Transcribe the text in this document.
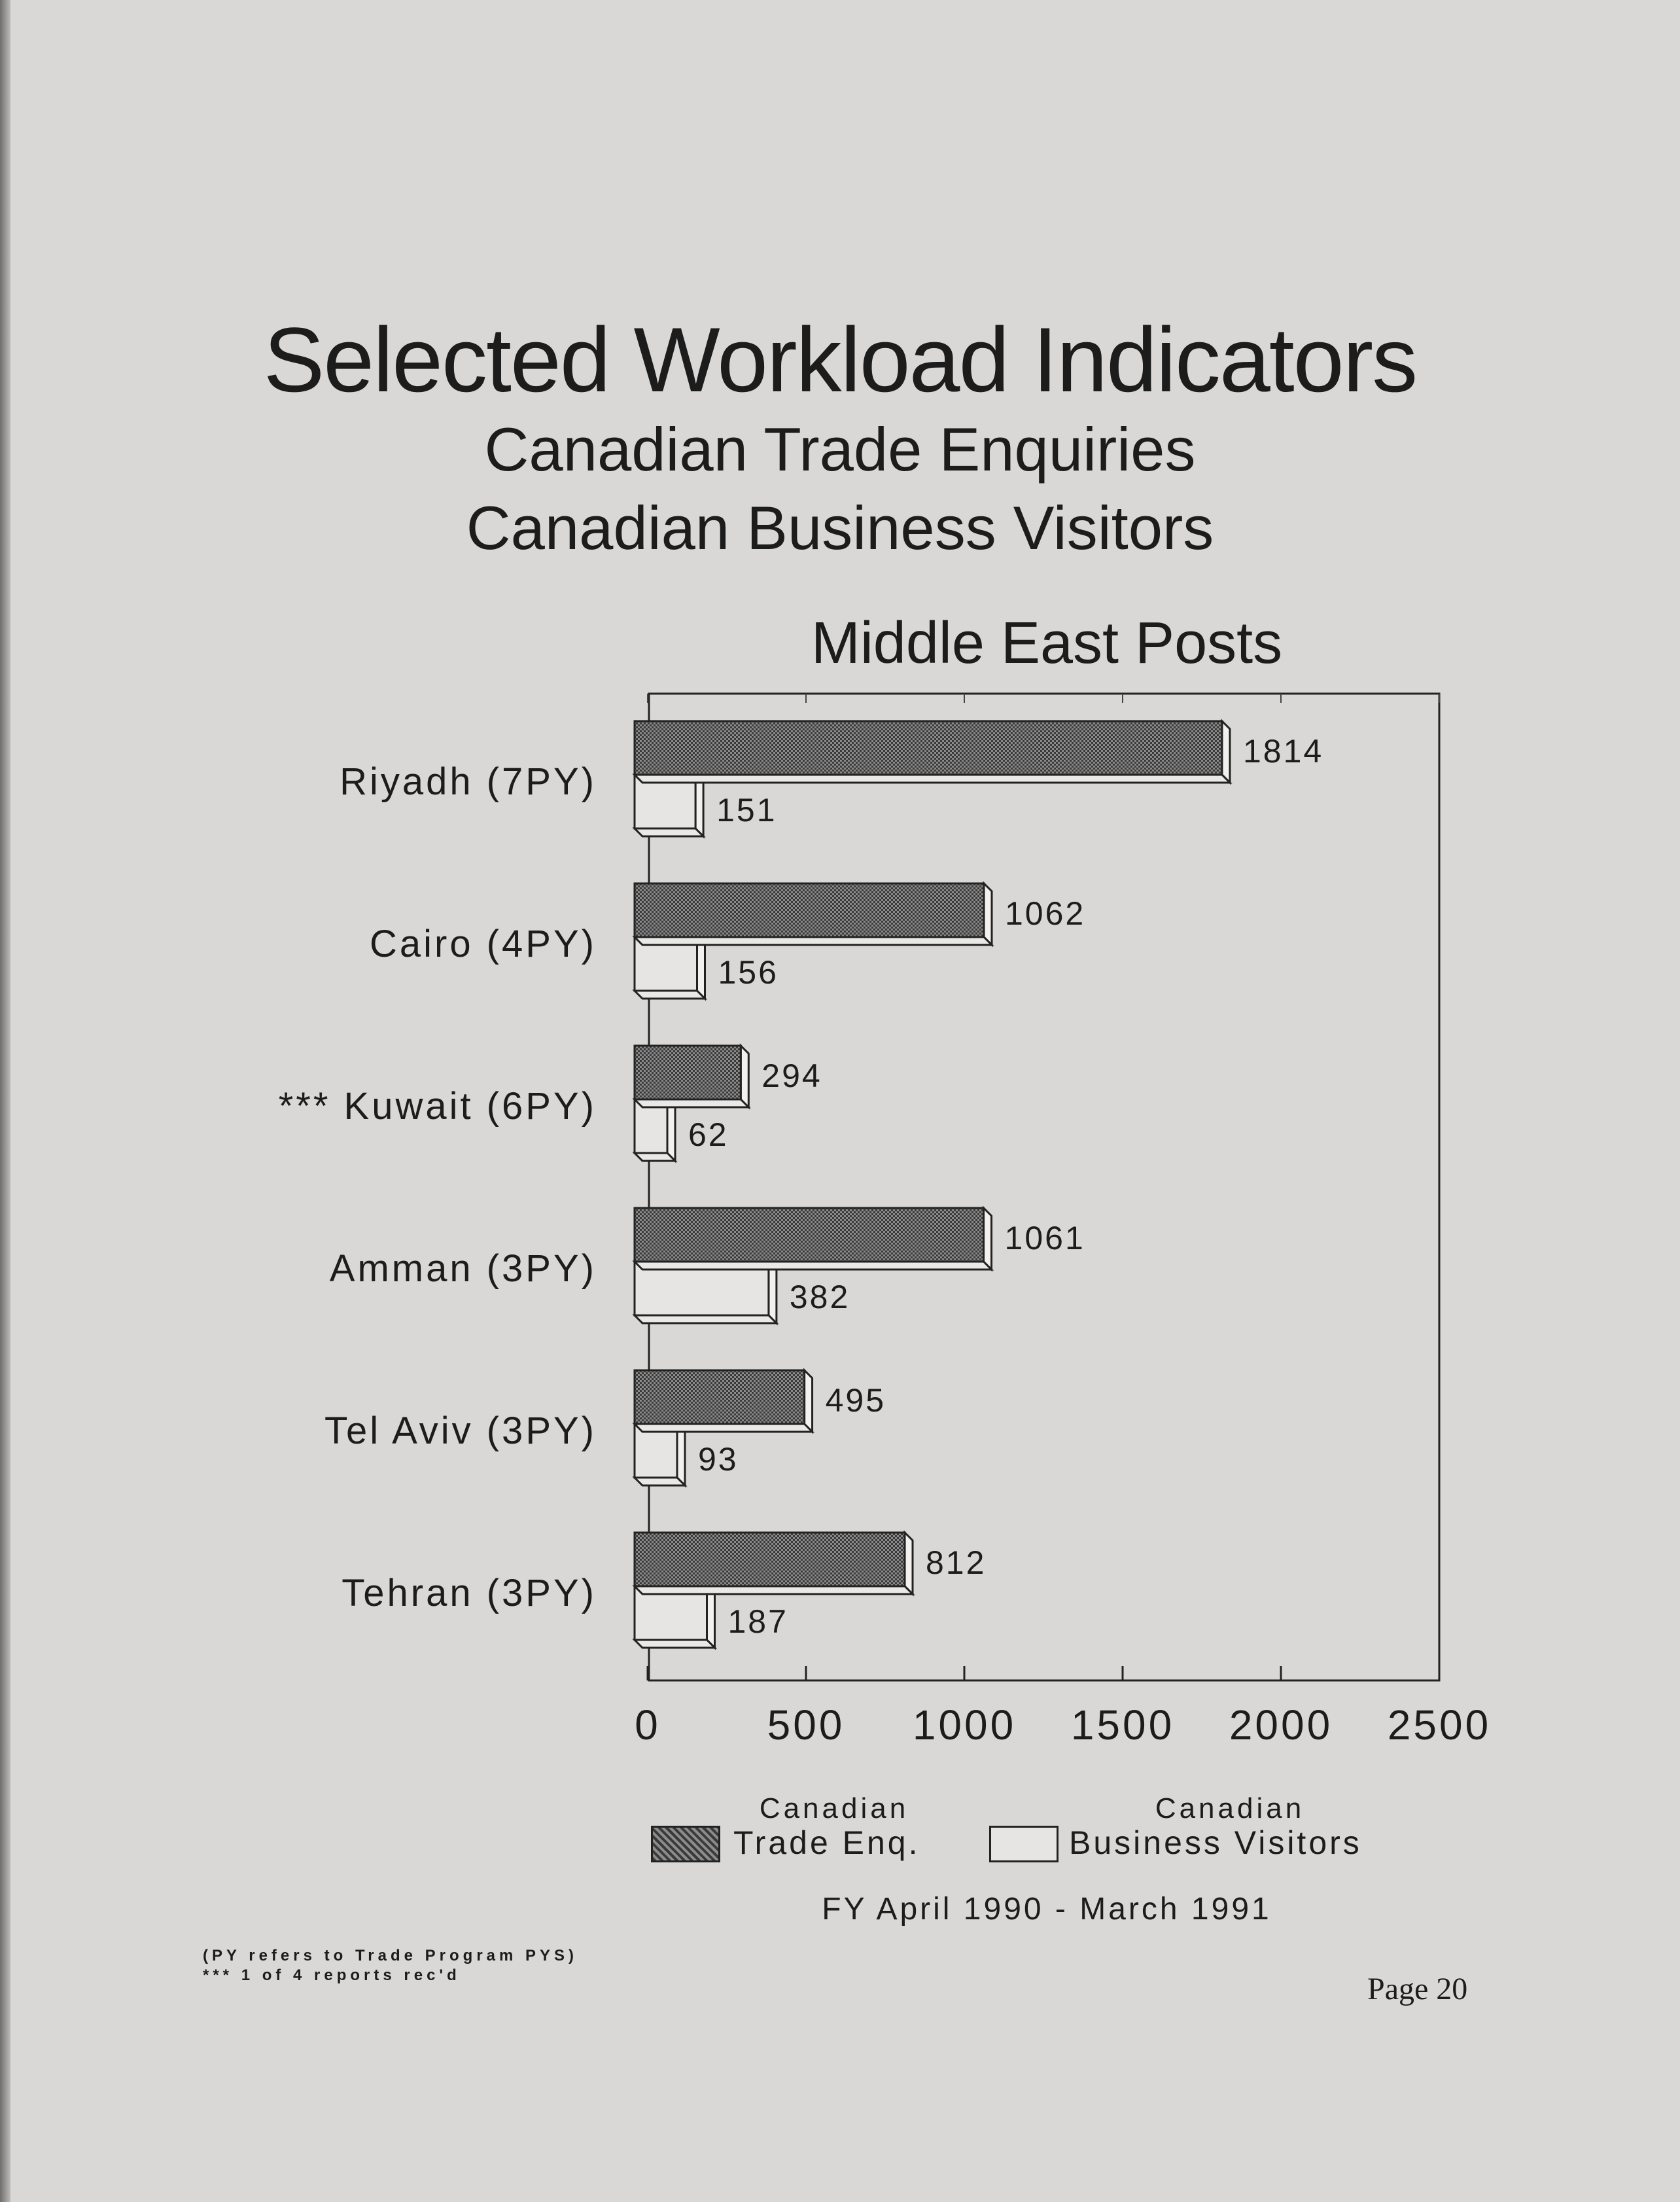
Selected Workload Indicators
Canadian Trade Enquiries
Canadian Business Visitors
Middle East Posts
0	500 1000 1500 2000 2500
151
1814
Riyadh (7PY)
156
1062
Cairo (4PY)
62
294
*** Kuwait (6PY)
382
1061
Amman (3PY)
93
495
Tel Aviv (3PY)
187
812
Tehran (3PY)
Canadian
Trade Enq.
Canadian
Business Visitors
FY April 1990 - March 1991
(PY refers to Trade Program PYS)
*** 1 of 4 reports rec'd	Page 20
